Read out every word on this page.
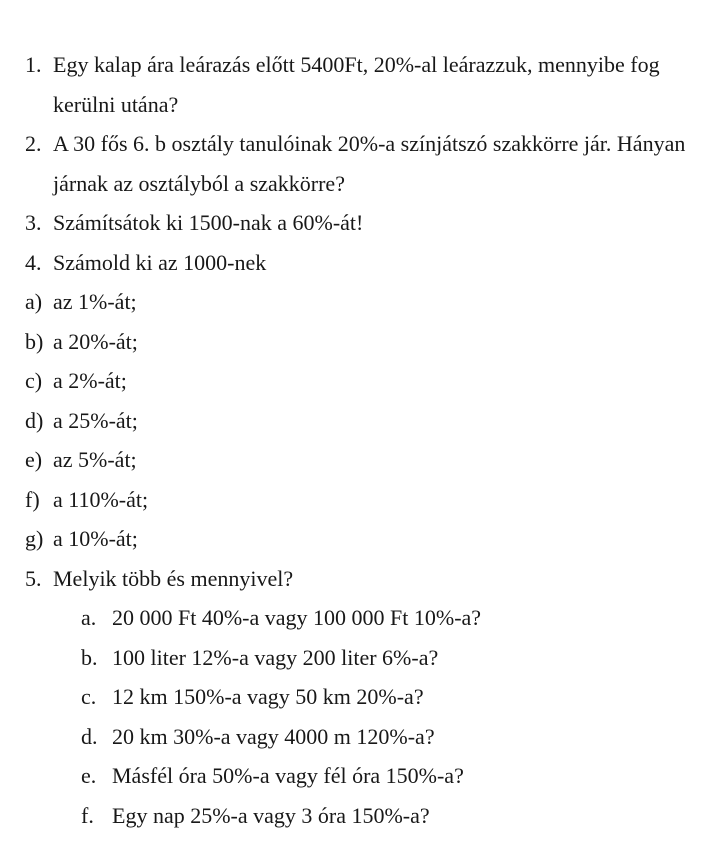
1. Egy kalap ára leárazás előtt 5400Ft, 20%-al leárazzuk, mennyibe fog
kerülni utána?
2. A 30 fős 6. b osztály tanulóinak 20%-a színjátszó szakkörre jár. Hányan
járnak az osztályból a szakkörre?
3. Számítsátok ki 1500-nak a 60%-át!
4. Számold ki az 1000-nek
a) az 1%-át;
b) a 20%-át;
c) a 2%-át;
d) a 25%-át;
e) az 5%-át;
f) a 110%-át;
g) a 10%-át;
5. Melyik több és mennyivel?
a. 20 000 Ft 40%-a vagy 100 000 Ft 10%-a?
b. 100 liter 12%-a vagy 200 liter 6%-a?
c. 12 km 150%-a vagy 50 km 20%-a?
d. 20 km 30%-a vagy 4000 m 120%-a?
e. Másfél óra 50%-a vagy fél óra 150%-a?
f. Egy nap 25%-a vagy 3 óra 150%-a?
